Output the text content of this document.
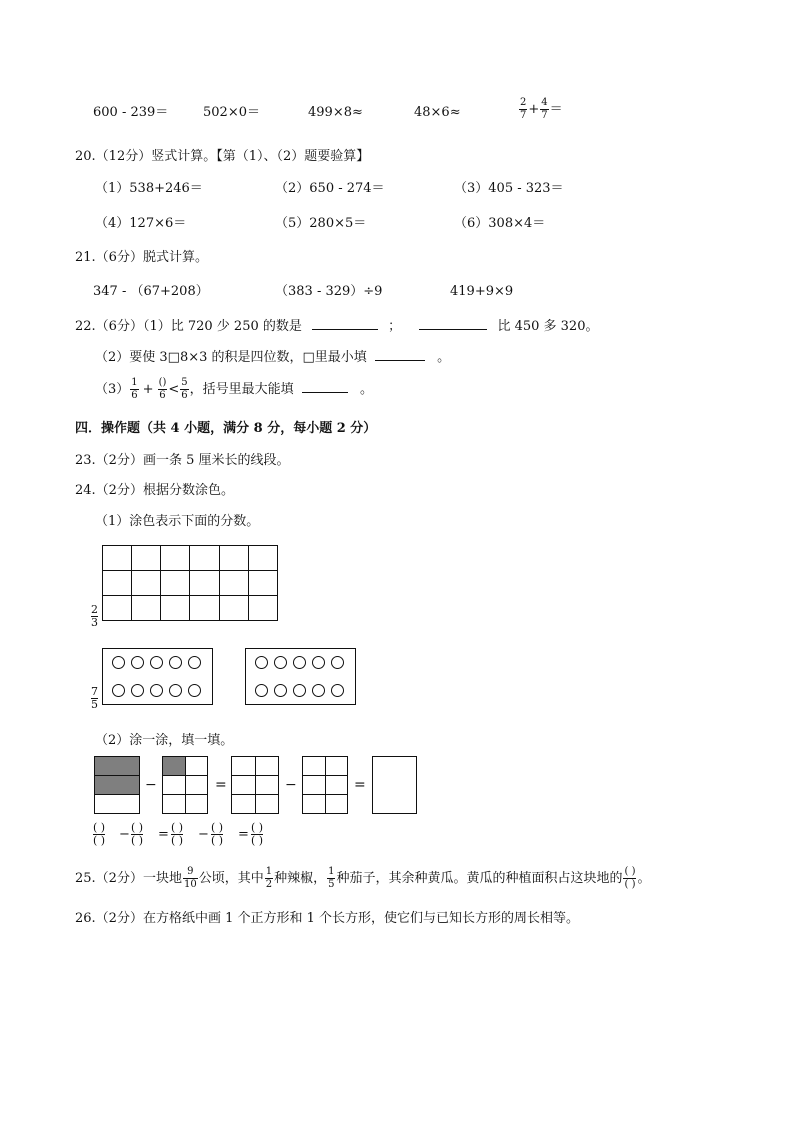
600 - 239＝	502×0＝	499×8≈	48×6≈	$\frac{2}{7} + \frac{4}{7}$ ＝
20.（12分）竖式计算。【第（1）、（2）题要验算】
（1）538+246＝	（2）650 - 274＝	（3）405 - 323＝
（4）127×6＝	（5）280×5＝	（6）308×4＝
21.（6分）脱式计算。
347 - （67+208）	（383 - 329）÷9	419+9×9
22.（6分）（1）比 720 少 250 的数是	；	比 450 多 320。
（2）要使 3□8×3 的积是四位数，□里最小填	。
$(3) \frac{1}{6} + \frac{()}{6} < \frac{5}{6}$ ，括号里最大能填	。
四．操作题（共 4 小题，满分 8 分，每小题 2 分）
23.（2分）画一条 5 厘米长的线段。
24.（2分）根据分数涂色。
（1）涂色表示下面的分数。

2
3
7
5
（2）涂一涂，填一填。

−

		=

		−

		=
( )
( ) − ( )
( ) = ( )
( ) − ( )
( ) = ( )
( )
25.（2分）一块地 $\frac{9}{10}$ 公顷，其中 $\frac{1}{2}$ 种辣椒， $\frac{1}{5}$ 种茄子，其余种黄瓜。黄瓜的种植面积占这块地的 $\frac{( )}{( )}$ 。
26.（2分）在方格纸中画 1 个正方形和 1 个长方形，使它们与已知长方形的周长相等。
